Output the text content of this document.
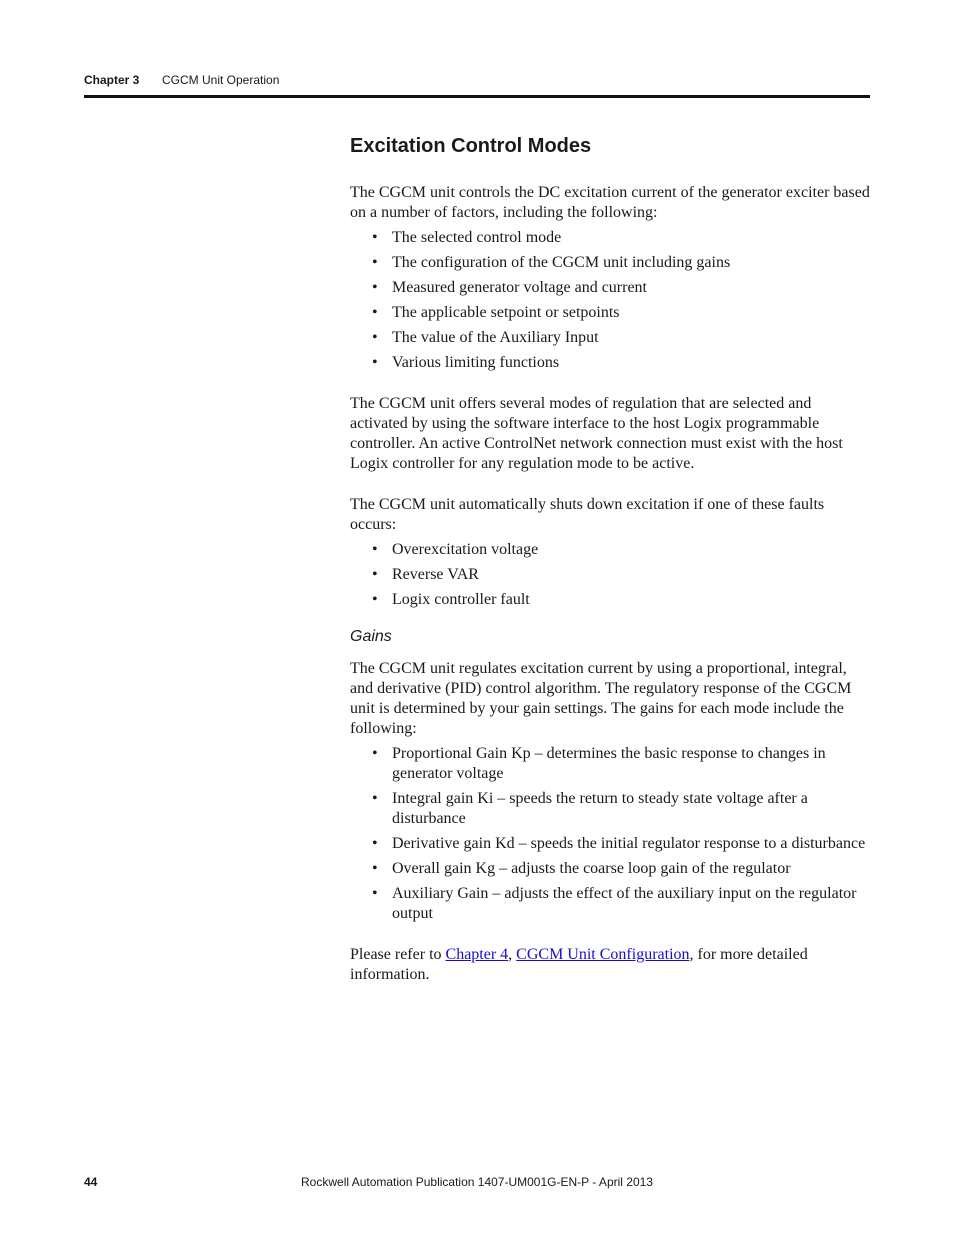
Chapter 3 CGCM Unit Operation
Excitation Control Modes

The CGCM unit controls the DC excitation current of the generator exciter based on a number of factors, including the following:

• The selected control mode
• The configuration of the CGCM unit including gains
• Measured generator voltage and current
• The applicable setpoint or setpoints
• The value of the Auxiliary Input
• Various limiting functions

The CGCM unit offers several modes of regulation that are selected and activated by using the software interface to the host Logix programmable controller. An active ControlNet network connection must exist with the host Logix controller for any regulation mode to be active.

The CGCM unit automatically shuts down excitation if one of these faults occurs:

• Overexcitation voltage
• Reverse VAR
• Logix controller fault
Gains

The CGCM unit regulates excitation current by using a proportional, integral, and derivative (PID) control algorithm. The regulatory response of the CGCM unit is determined by your gain settings. The gains for each mode include the following:

• Proportional Gain Kp – determines the basic response to changes in generator voltage
• Integral gain Ki – speeds the return to steady state voltage after a disturbance
• Derivative gain Kd – speeds the initial regulator response to a disturbance
• Overall gain Kg – adjusts the coarse loop gain of the regulator
• Auxiliary Gain – adjusts the effect of the auxiliary input on the regulator output

Please refer to Chapter 4, CGCM Unit Configuration, for more detailed information.

44	Rockwell Automation Publication 1407-UM001G-EN-P - April 2013
